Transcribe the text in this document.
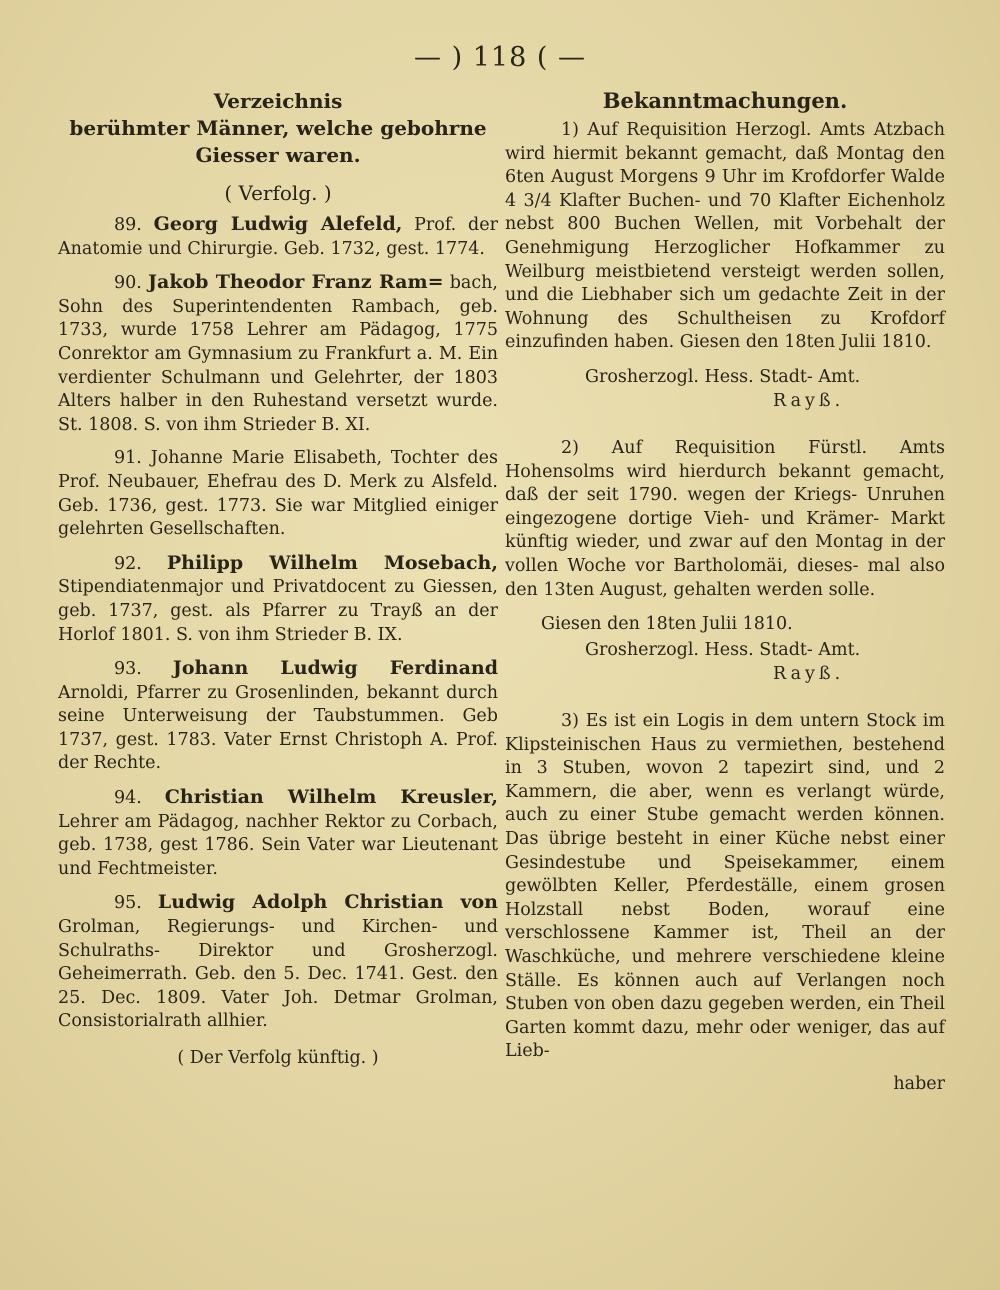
— ) 118 ( —
Verzeichnis
berühmter Männer, welche gebohrne
Giesser waren.
( Verfolg. )

89. Georg Ludwig Alefeld, Prof. der Anatomie und Chirurgie. Geb. 1732, gest. 1774.

90. Jakob Theodor Franz Ram= bach, Sohn des Superintendenten Rambach, geb. 1733, wurde 1758 Lehrer am Pädagog, 1775 Conrektor am Gymnasium zu Frankfurt a. M. Ein verdienter Schulmann und Gelehrter, der 1803 Alters halber in den Ruhestand versetzt wurde. St. 1808. S. von ihm Strieder B. XI.

91. Johanne Marie Elisabeth, Tochter des Prof. Neubauer, Ehefrau des D. Merk zu Alsfeld. Geb. 1736, gest. 1773. Sie war Mitglied einiger gelehrten Gesellschaften.

92. Philipp Wilhelm Mosebach, Stipendiatenmajor und Privatdocent zu Giessen, geb. 1737, gest. als Pfarrer zu Trayß an der Horlof 1801. S. von ihm Strieder B. IX.

93. Johann Ludwig Ferdinand Arnoldi, Pfarrer zu Grosenlinden, bekannt durch seine Unterweisung der Taubstummen. Geb 1737, gest. 1783. Vater Ernst Christoph A. Prof. der Rechte.

94. Christian Wilhelm Kreusler, Lehrer am Pädagog, nachher Rektor zu Corbach, geb. 1738, gest 1786. Sein Vater war Lieutenant und Fechtmeister.

95. Ludwig Adolph Christian von Grolman, Regierungs- und Kirchen- und Schulraths- Direktor und Grosherzogl. Geheimerrath. Geb. den 5. Dec. 1741. Gest. den 25. Dec. 1809. Vater Joh. Detmar Grolman, Consistorialrath allhier.

( Der Verfolg künftig. )
Bekanntmachungen.

1) Auf Requisition Herzogl. Amts Atzbach wird hiermit bekannt gemacht, daß Montag den 6ten August Morgens 9 Uhr im Krofdorfer Walde 4 3/4 Klafter Buchen- und 70 Klafter Eichenholz nebst 800 Buchen Wellen, mit Vorbehalt der Genehmigung Herzoglicher Hofkammer zu Weilburg meistbietend versteigt werden sollen, und die Liebhaber sich um gedachte Zeit in der Wohnung des Schultheisen zu Krofdorf einzufinden haben. Giesen den 18ten Julii 1810.

Grosherzogl. Hess. Stadt- Amt.
Rayß.

2) Auf Requisition Fürstl. Amts Hohensolms wird hierdurch bekannt gemacht, daß der seit 1790. wegen der Kriegs- Unruhen eingezogene dortige Vieh- und Krämer- Markt künftig wieder, und zwar auf den Montag in der vollen Woche vor Bartholomäi, dieses- mal also den 13ten August, gehalten werden solle.

Giesen den 18ten Julii 1810.
Grosherzogl. Hess. Stadt- Amt.
Rayß.

3) Es ist ein Logis in dem untern Stock im Klipsteinischen Haus zu vermiethen, bestehend in 3 Stuben, wovon 2 tapezirt sind, und 2 Kammern, die aber, wenn es verlangt würde, auch zu einer Stube gemacht werden können. Das übrige besteht in einer Küche nebst einer Gesindestube und Speisekammer, einem gewölbten Keller, Pferdeställe, einem grosen Holzstall nebst Boden, worauf eine verschlossene Kammer ist, Theil an der Waschküche, und mehrere verschiedene kleine Ställe. Es können auch auf Verlangen noch Stuben von oben dazu gegeben werden, ein Theil Garten kommt dazu, mehr oder weniger, das auf Lieb-

haber
